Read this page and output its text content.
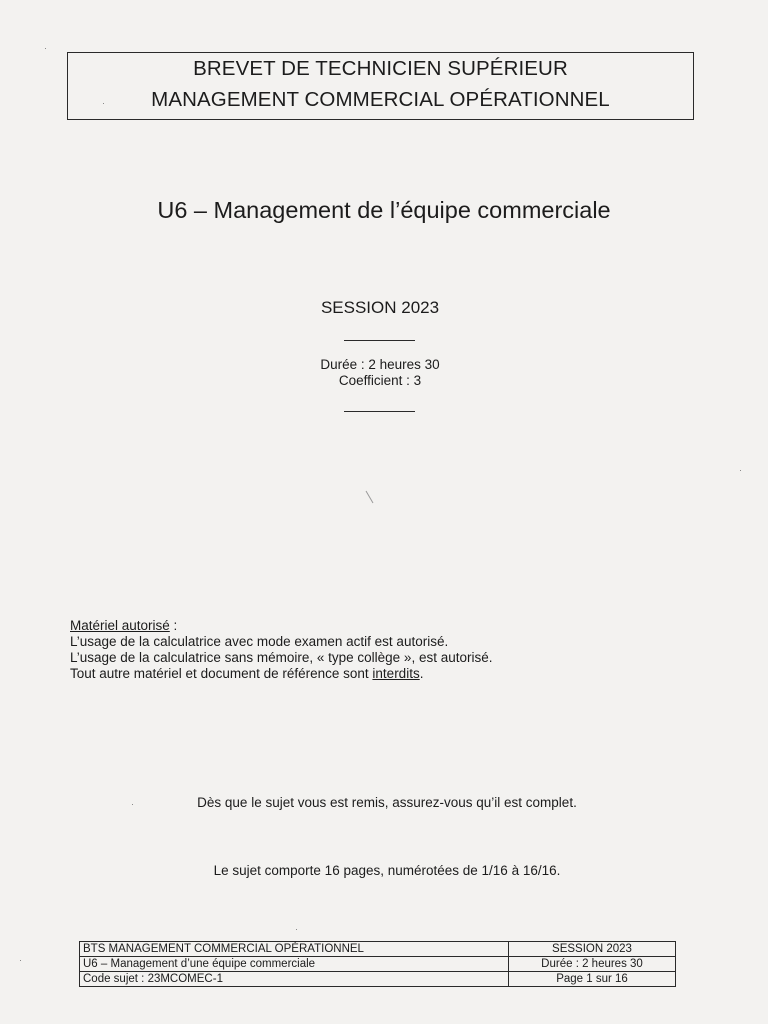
BREVET DE TECHNICIEN SUPÉRIEUR
MANAGEMENT COMMERCIAL OPÉRATIONNEL
U6 – Management de l’équipe commerciale
SESSION 2023
Durée : 2 heures 30
Coefficient : 3
Matériel autorisé :
L’usage de la calculatrice avec mode examen actif est autorisé.
L’usage de la calculatrice sans mémoire, « type collège », est autorisé.
Tout autre matériel et document de référence sont interdits.
Dès que le sujet vous est remis, assurez-vous qu’il est complet.
Le sujet comporte 16 pages, numérotées de 1/16 à 16/16.
BTS MANAGEMENT COMMERCIAL OPÉRATIONNEL	SESSION 2023
U6 – Management d’une équipe commerciale	Durée : 2 heures 30
Code sujet : 23MCOMEC-1	Page 1 sur 16
